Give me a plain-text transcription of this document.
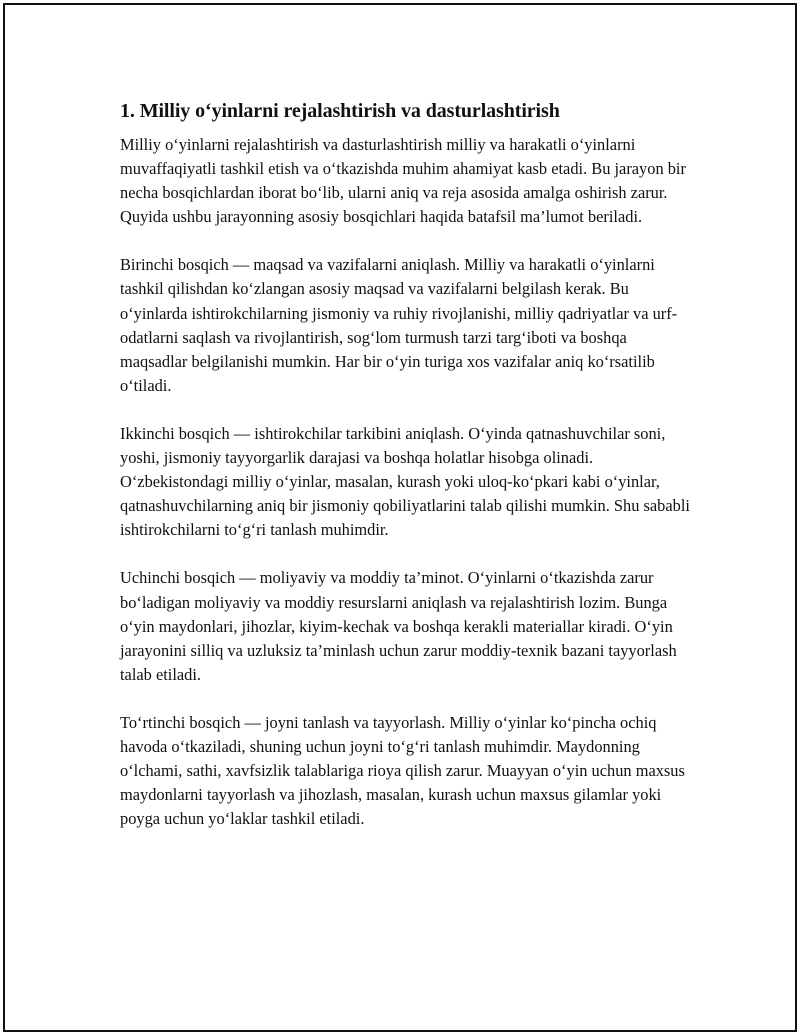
1. Milliy o‘yinlarni rejalashtirish va dasturlashtirish

Milliy o‘yinlarni rejalashtirish va dasturlashtirish milliy va harakatli o‘yinlarni muvaffaqiyatli tashkil etish va o‘tkazishda muhim ahamiyat kasb etadi. Bu jarayon bir necha bosqichlardan iborat bo‘lib, ularni aniq va reja asosida amalga oshirish zarur. Quyida ushbu jarayonning asosiy bosqichlari haqida batafsil ma’lumot beriladi.

Birinchi bosqich — maqsad va vazifalarni aniqlash. Milliy va harakatli o‘yinlarni tashkil qilishdan ko‘zlangan asosiy maqsad va vazifalarni belgilash kerak. Bu o‘yinlarda ishtirokchilarning jismoniy va ruhiy rivojlanishi, milliy qadriyatlar va urf-odatlarni saqlash va rivojlantirish, sog‘lom turmush tarzi targ‘iboti va boshqa maqsadlar belgilanishi mumkin. Har bir o‘yin turiga xos vazifalar aniq ko‘rsatilib o‘tiladi.

Ikkinchi bosqich — ishtirokchilar tarkibini aniqlash. O‘yinda qatnashuvchilar soni, yoshi, jismoniy tayyorgarlik darajasi va boshqa holatlar hisobga olinadi. O‘zbekistondagi milliy o‘yinlar, masalan, kurash yoki uloq-ko‘pkari kabi o‘yinlar, qatnashuvchilarning aniq bir jismoniy qobiliyatlarini talab qilishi mumkin. Shu sababli ishtirokchilarni to‘g‘ri tanlash muhimdir.

Uchinchi bosqich — moliyaviy va moddiy ta’minot. O‘yinlarni o‘tkazishda zarur bo‘ladigan moliyaviy va moddiy resurslarni aniqlash va rejalashtirish lozim. Bunga o‘yin maydonlari, jihozlar, kiyim-kechak va boshqa kerakli materiallar kiradi. O‘yin jarayonini silliq va uzluksiz ta’minlash uchun zarur moddiy-texnik bazani tayyorlash talab etiladi.

To‘rtinchi bosqich — joyni tanlash va tayyorlash. Milliy o‘yinlar ko‘pincha ochiq havoda o‘tkaziladi, shuning uchun joyni to‘g‘ri tanlash muhimdir. Maydonning o‘lchami, sathi, xavfsizlik talablariga rioya qilish zarur. Muayyan o‘yin uchun maxsus maydonlarni tayyorlash va jihozlash, masalan, kurash uchun maxsus gilamlar yoki poyga uchun yo‘laklar tashkil etiladi.
